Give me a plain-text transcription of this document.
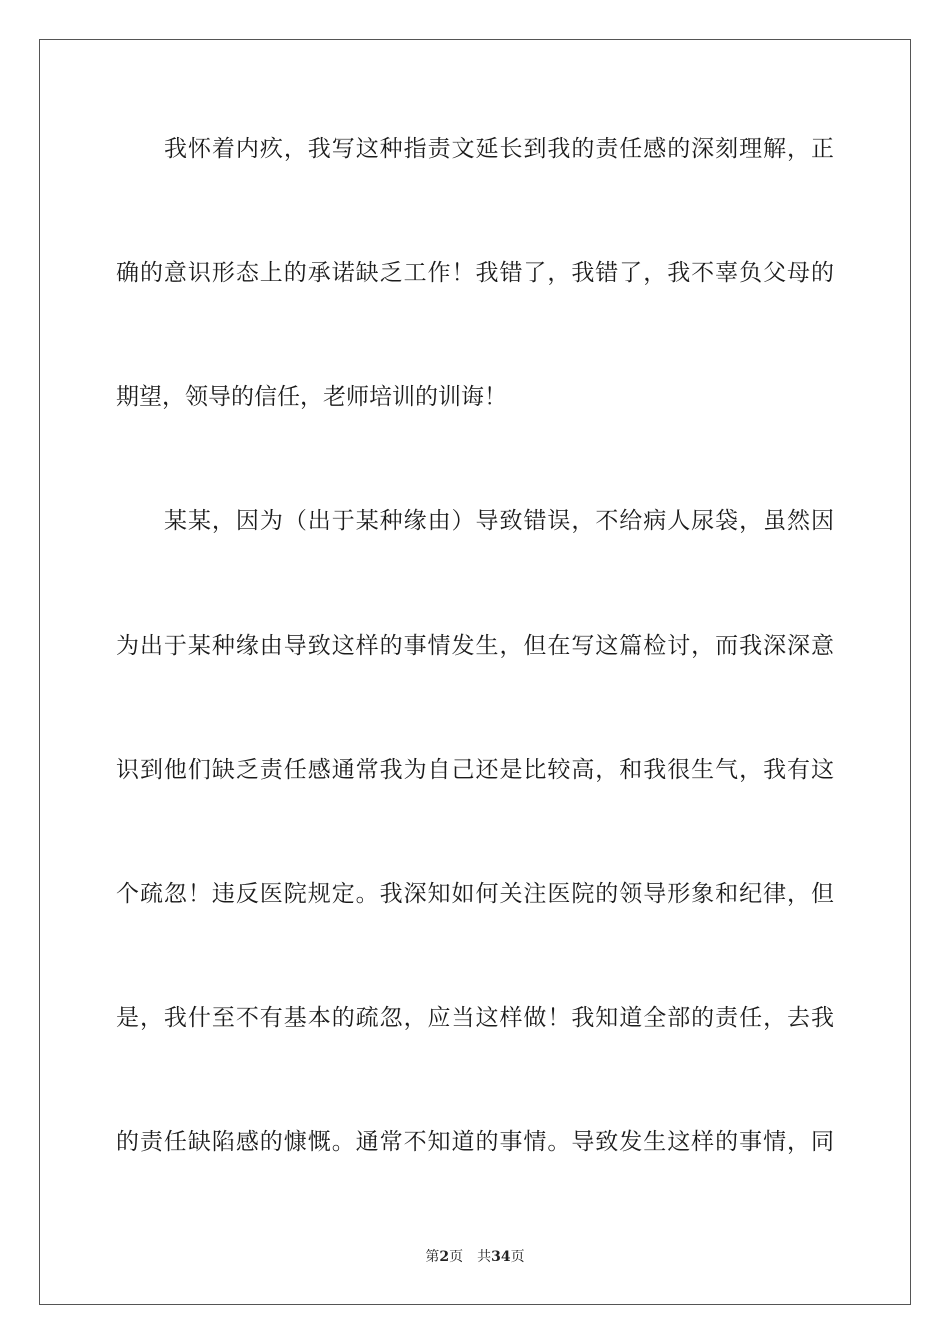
我怀着内疚，我写这种指责文延长到我的责任感的深刻理解，正
确的意识形态上的承诺缺乏工作！我错了，我错了，我不辜负父母的
期望，领导的信任，老师培训的训诲！
某某，因为（出于某种缘由）导致错误，不给病人尿袋，虽然因
为出于某种缘由导致这样的事情发生，但在写这篇检讨，而我深深意
识到他们缺乏责任感通常我为自己还是比较高，和我很生气，我有这
个疏忽！违反医院规定。我深知如何关注医院的领导形象和纪律，但
是，我什至不有基本的疏忽，应当这样做！我知道全部的责任，去我
的责任缺陷感的慷慨。通常不知道的事情。导致发生这样的事情，同
第2页 共34页
